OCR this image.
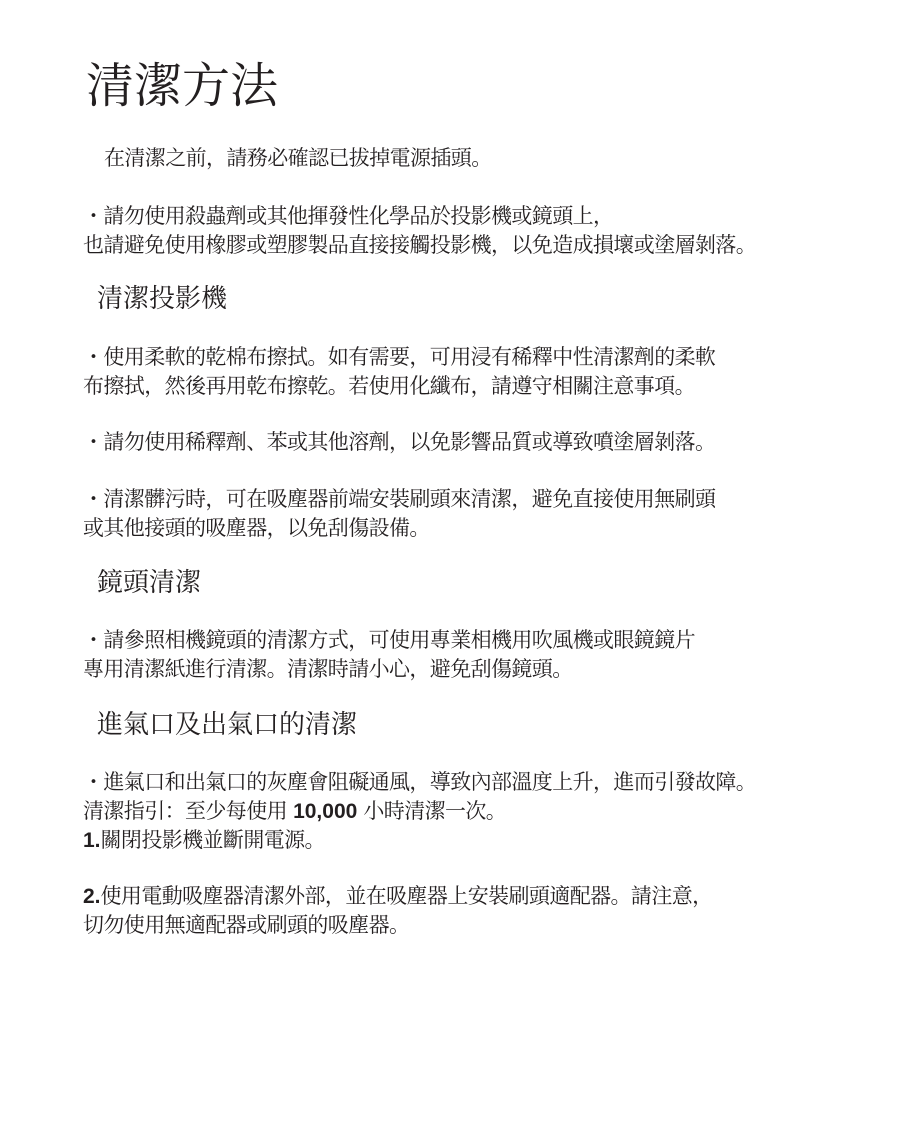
清潔方法

在清潔之前，請務必確認已拔掉電源插頭。

・請勿使用殺蟲劑或其他揮發性化學品於投影機或鏡頭上，
也請避免使用橡膠或塑膠製品直接接觸投影機，以免造成損壞或塗層剝落。

清潔投影機

・使用柔軟的乾棉布擦拭。如有需要，可用浸有稀釋中性清潔劑的柔軟
布擦拭，然後再用乾布擦乾。若使用化纖布，請遵守相關注意事項。

・請勿使用稀釋劑、苯或其他溶劑，以免影響品質或導致噴塗層剝落。

・清潔髒污時，可在吸塵器前端安裝刷頭來清潔，避免直接使用無刷頭
或其他接頭的吸塵器，以免刮傷設備。

鏡頭清潔

・請參照相機鏡頭的清潔方式，可使用專業相機用吹風機或眼鏡鏡片
專用清潔紙進行清潔。清潔時請小心，避免刮傷鏡頭。

進氣口及出氣口的清潔

・進氣口和出氣口的灰塵會阻礙通風，導致內部溫度上升，進而引發故障。
清潔指引：至少每使用 10,000 小時清潔一次。
1.關閉投影機並斷開電源。

2.使用電動吸塵器清潔外部，並在吸塵器上安裝刷頭適配器。請注意，
切勿使用無適配器或刷頭的吸塵器。
